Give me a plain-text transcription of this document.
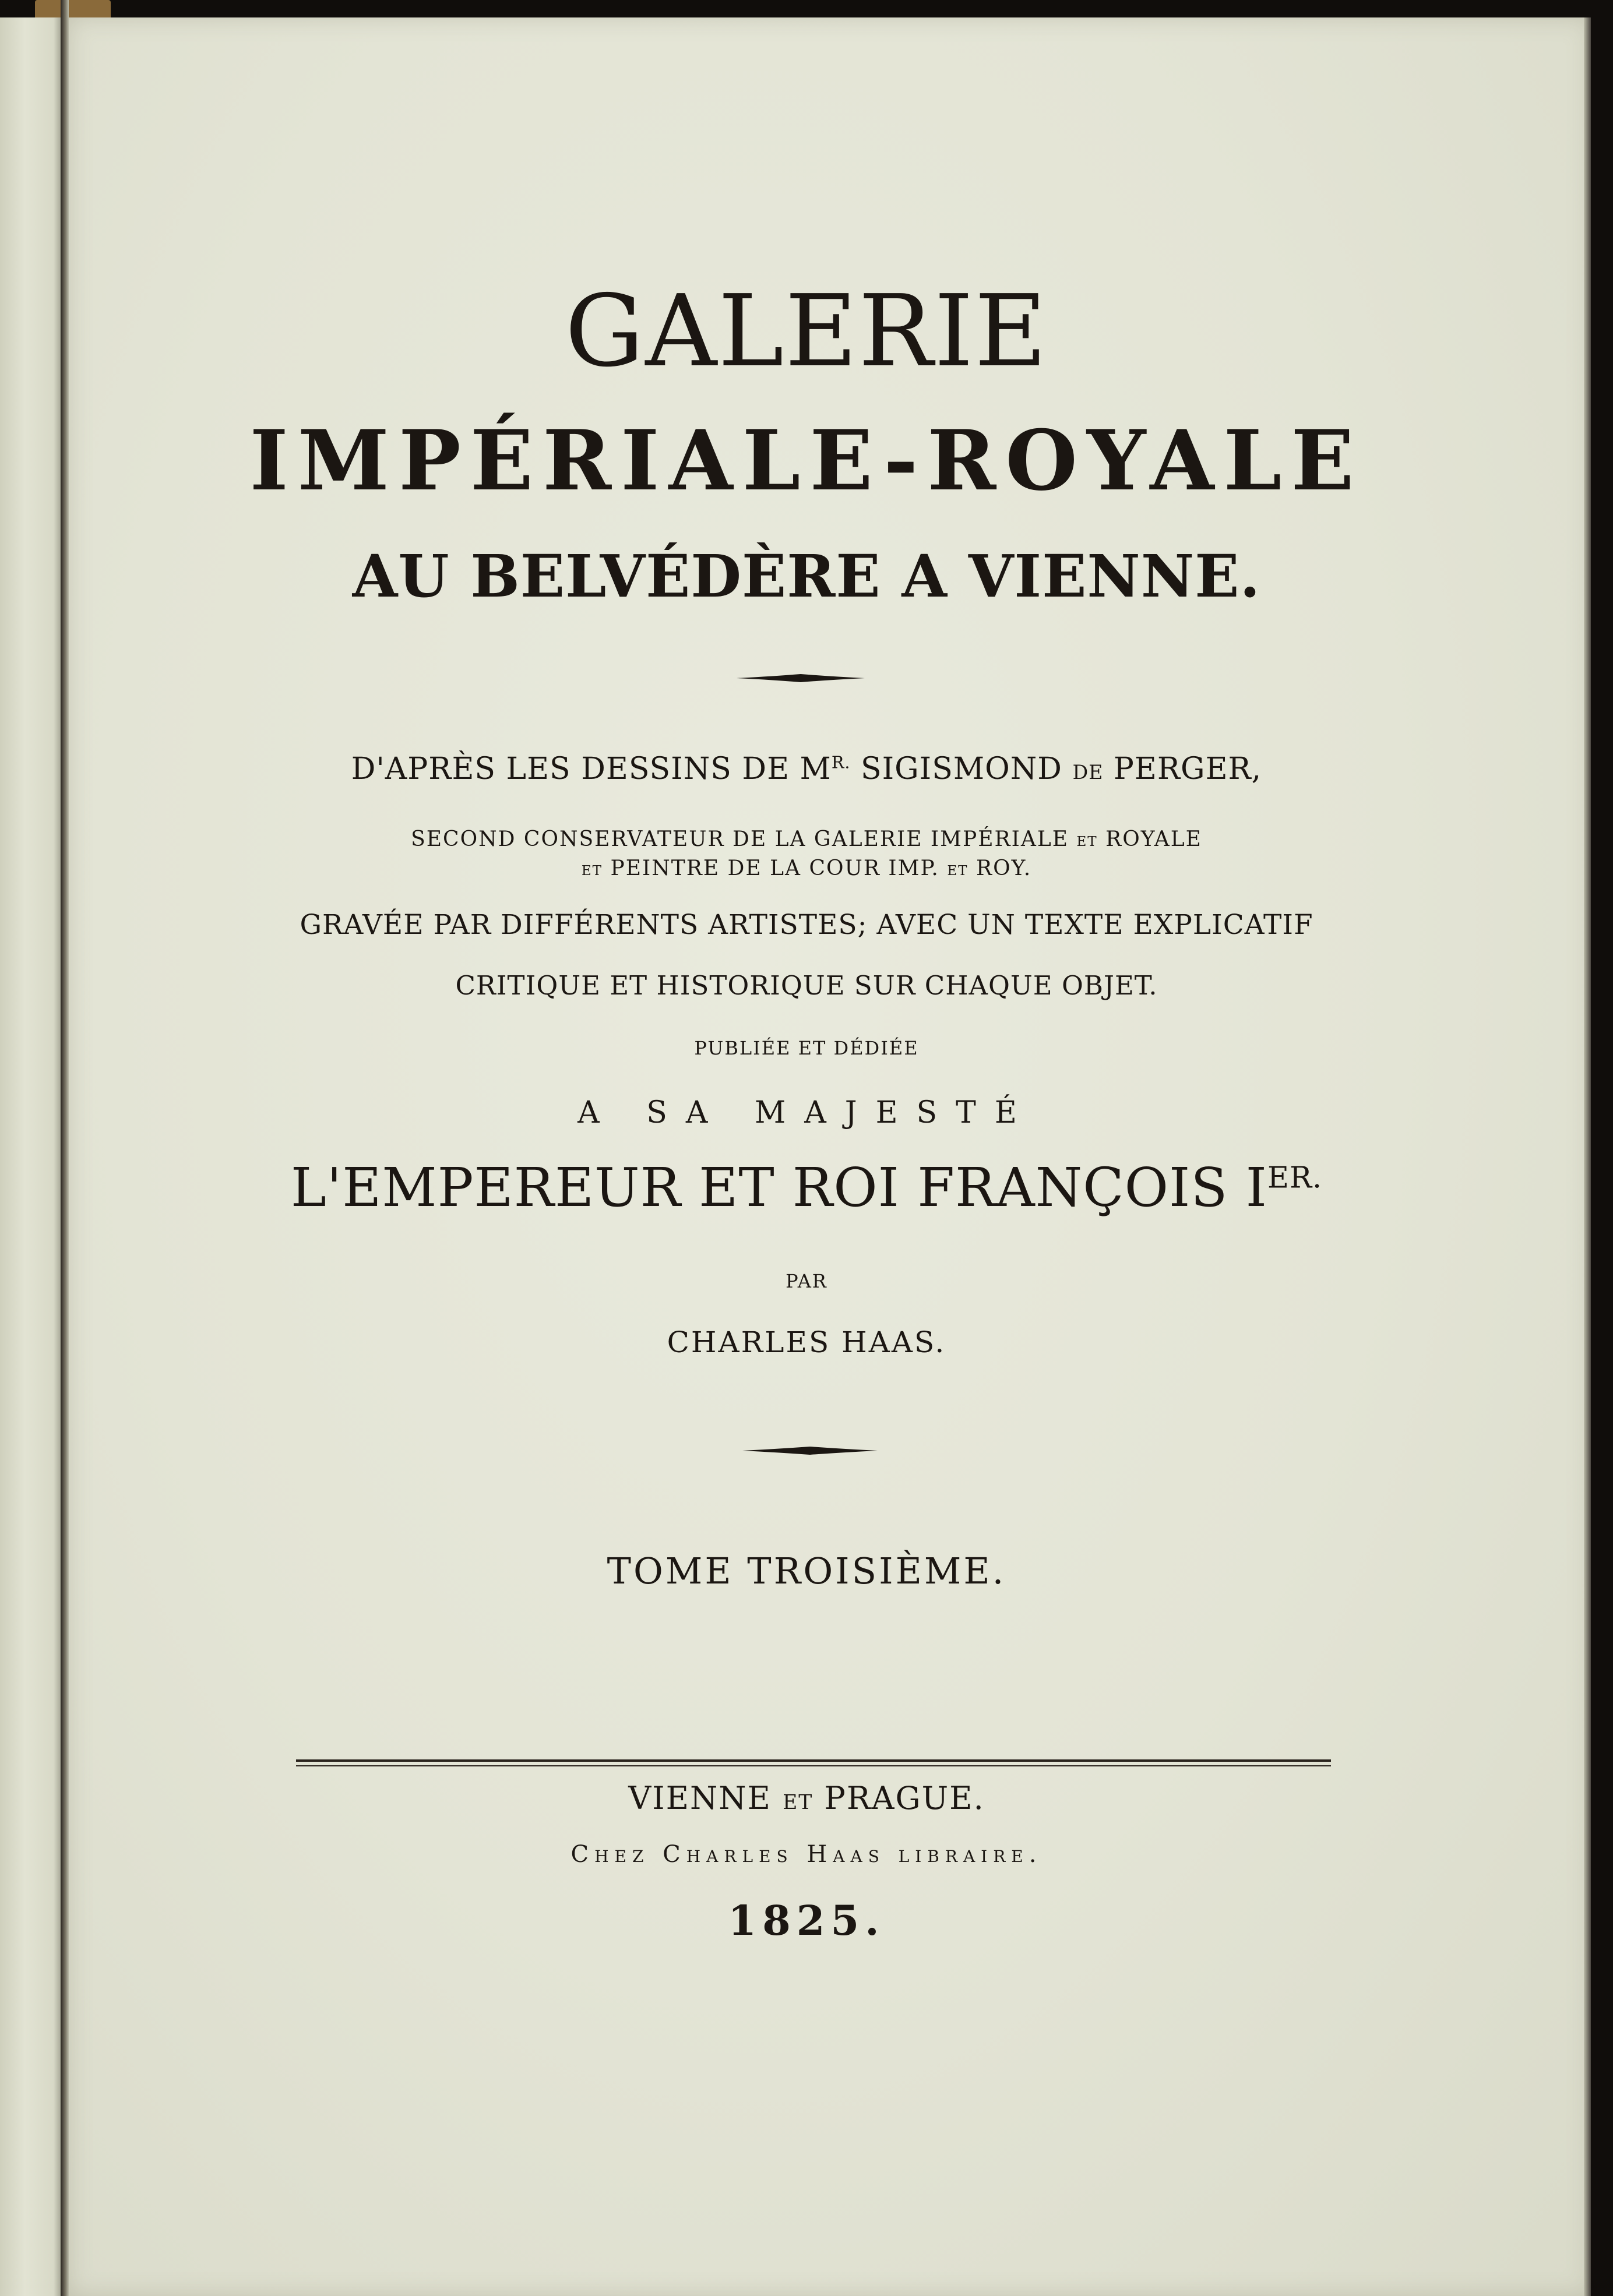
GALERIE
IMPÉRIALE-ROYALE
AU BELVÉDÈRE A VIENNE.

D'APRÈS LES DESSINS DE $M^{R.}$ SIGISMOND DE PERGER,

SECOND CONSERVATEUR DE LA GALERIE IMPÉRIALE ET ROYALE

ET PEINTRE DE LA COUR IMP. ET ROY.

GRAVÉE PAR DIFFÉRENTS ARTISTES; AVEC UN TEXTE EXPLICATIF

CRITIQUE ET HISTORIQUE SUR CHAQUE OBJET.

PUBLIÉE ET DÉDIÉE

A SA MAJESTÉ

L'EMPEREUR ET ROI FRANÇOIS $I^{ER.}$

PAR

CHARLES HAAS.

TOME TROISIÈME.

VIENNE ET PRAGUE.

Chez Charles Haas libraire.

1825.
